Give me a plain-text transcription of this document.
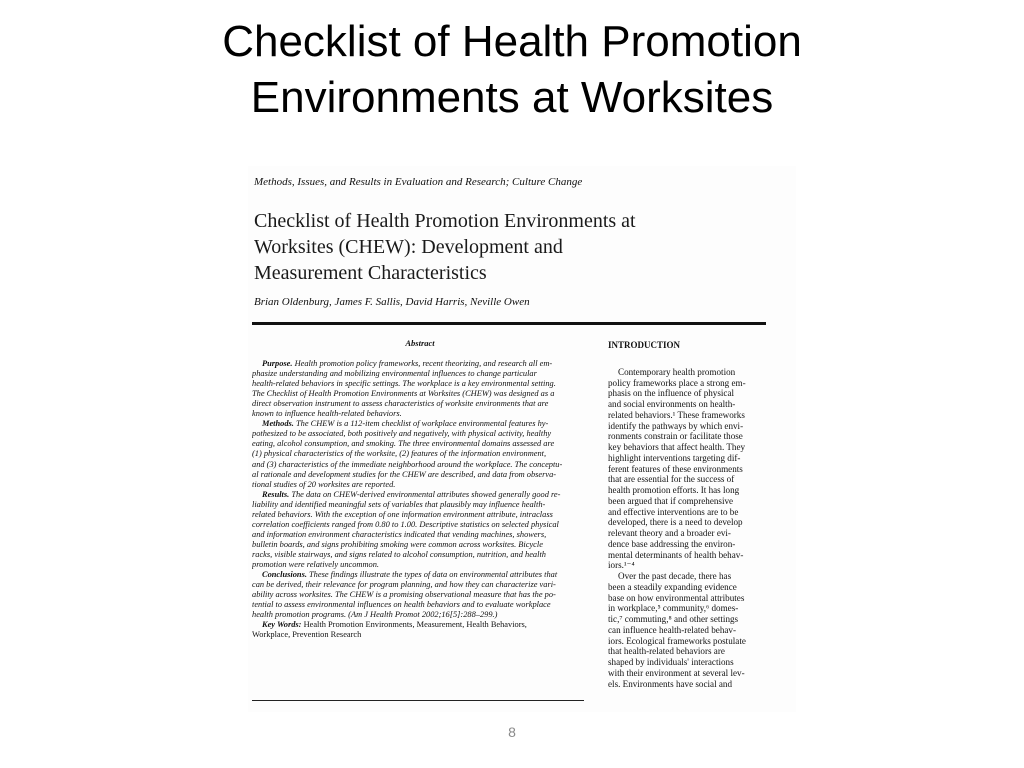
Checklist of Health Promotion
Environments at Worksites
Methods, Issues, and Results in Evaluation and Research; Culture Change
Checklist of Health Promotion Environments at
Worksites (CHEW): Development and
Measurement Characteristics
Brian Oldenburg, James F. Sallis, David Harris, Neville Owen
Abstract
Purpose. Health promotion policy frameworks, recent theorizing, and research all em-
phasize understanding and mobilizing environmental influences to change particular
health-related behaviors in specific settings. The workplace is a key environmental setting.
The Checklist of Health Promotion Environments at Worksites (CHEW) was designed as a
direct observation instrument to assess characteristics of worksite environments that are
known to influence health-related behaviors.
Methods. The CHEW is a 112-item checklist of workplace environmental features hy-
pothesized to be associated, both positively and negatively, with physical activity, healthy
eating, alcohol consumption, and smoking. The three environmental domains assessed are
(1) physical characteristics of the worksite, (2) features of the information environment,
and (3) characteristics of the immediate neighborhood around the workplace. The conceptu-
al rationale and development studies for the CHEW are described, and data from observa-
tional studies of 20 worksites are reported.
Results. The data on CHEW-derived environmental attributes showed generally good re-
liability and identified meaningful sets of variables that plausibly may influence health-
related behaviors. With the exception of one information environment attribute, intraclass
correlation coefficients ranged from 0.80 to 1.00. Descriptive statistics on selected physical
and information environment characteristics indicated that vending machines, showers,
bulletin boards, and signs prohibiting smoking were common across worksites. Bicycle
racks, visible stairways, and signs related to alcohol consumption, nutrition, and health
promotion were relatively uncommon.
Conclusions. These findings illustrate the types of data on environmental attributes that
can be derived, their relevance for program planning, and how they can characterize vari-
ability across worksites. The CHEW is a promising observational measure that has the po-
tential to assess environmental influences on health behaviors and to evaluate workplace
health promotion programs. (Am J Health Promot 2002;16[5]:288–299.)
Key Words: Health Promotion Environments, Measurement, Health Behaviors,
Workplace, Prevention Research
INTRODUCTION
Contemporary health promotion
policy frameworks place a strong em-
phasis on the influence of physical
and social environments on health-
related behaviors.¹ These frameworks
identify the pathways by which envi-
ronments constrain or facilitate those
key behaviors that affect health. They
highlight interventions targeting dif-
ferent features of these environments
that are essential for the success of
health promotion efforts. It has long
been argued that if comprehensive
and effective interventions are to be
developed, there is a need to develop
relevant theory and a broader evi-
dence base addressing the environ-
mental determinants of health behav-
iors.¹⁻⁴
Over the past decade, there has
been a steadily expanding evidence
base on how environmental attributes
in workplace,⁵ community,⁶ domes-
tic,⁷ commuting,⁸ and other settings
can influence health-related behav-
iors. Ecological frameworks postulate
that health-related behaviors are
shaped by individuals' interactions
with their environment at several lev-
els. Environments have social and
8
